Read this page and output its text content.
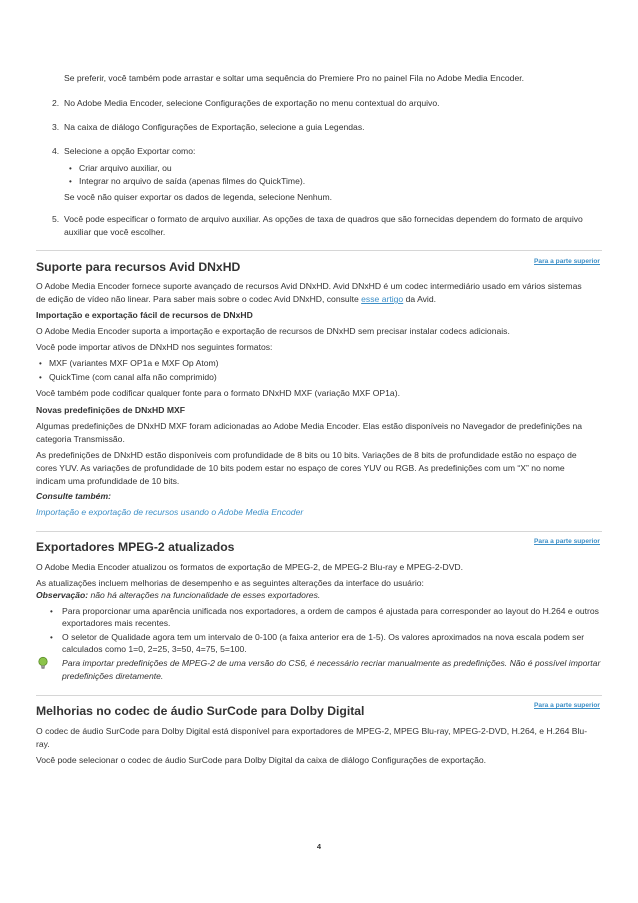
Se preferir, você também pode arrastar e soltar uma sequência do Premiere Pro no painel Fila no Adobe Media Encoder.

2. No Adobe Media Encoder, selecione Configurações de exportação no menu contextual do arquivo.

3. Na caixa de diálogo Configurações de Exportação, selecione a guia Legendas.

4. Selecione a opção Exportar como:

• Criar arquivo auxiliar, ou

• Integrar no arquivo de saída (apenas filmes do QuickTime).

Se você não quiser exportar os dados de legenda, selecione Nenhum.

5. Você pode especificar o formato de arquivo auxiliar. As opções de taxa de quadros que são fornecidas dependem do formato de arquivo

auxiliar que você escolher.

Para a parte superior
Suporte para recursos Avid DNxHD

O Adobe Media Encoder fornece suporte avançado de recursos Avid DNxHD. Avid DNxHD é um codec intermediário usado em vários sistemas

de edição de vídeo não linear. Para saber mais sobre o codec Avid DNxHD, consulte esse artigo da Avid.

Importação e exportação fácil de recursos de DNxHD

O Adobe Media Encoder suporta a importação e exportação de recursos de DNxHD sem precisar instalar codecs adicionais.

Você pode importar ativos de DNxHD nos seguintes formatos:

• MXF (variantes MXF OP1a e MXF Op Atom)

• QuickTime (com canal alfa não comprimido)

Você também pode codificar qualquer fonte para o formato DNxHD MXF (variação MXF OP1a).

Novas predefinições de DNxHD MXF

Algumas predefinições de DNxHD MXF foram adicionadas ao Adobe Media Encoder. Elas estão disponíveis no Navegador de predefinições na

categoria Transmissão.

As predefinições de DNxHD estão disponíveis com profundidade de 8 bits ou 10 bits. Variações de 8 bits de profundidade estão no espaço de

cores YUV. As variações de profundidade de 10 bits podem estar no espaço de cores YUV ou RGB. As predefinições com um “X” no nome

indicam uma profundidade de 10 bits.

Consulte também:

Importação e exportação de recursos usando o Adobe Media Encoder
Para a parte superior
Exportadores MPEG-2 atualizados

O Adobe Media Encoder atualizou os formatos de exportação de MPEG-2, de MPEG-2 Blu-ray e MPEG-2-DVD.

As atualizações incluem melhorias de desempenho e as seguintes alterações da interface do usuário:

Observação: não há alterações na funcionalidade de esses exportadores.

• Para proporcionar uma aparência unificada nos exportadores, a ordem de campos é ajustada para corresponder ao layout do H.264 e outros

exportadores mais recentes.

• O seletor de Qualidade agora tem um intervalo de 0-100 (a faixa anterior era de 1-5). Os valores aproximados na nova escala podem ser

calculados como 1=0, 2=25, 3=50, 4=75, 5=100.

Para importar predefinições de MPEG-2 de uma versão do CS6, é necessário recriar manualmente as predefinições. Não é possível importar

predefinições diretamente.

Para a parte superior
Melhorias no codec de áudio SurCode para Dolby Digital

O codec de áudio SurCode para Dolby Digital está disponível para exportadores de MPEG-2, MPEG Blu-ray, MPEG-2-DVD, H.264, e H.264 Blu-

ray.

Você pode selecionar o codec de áudio SurCode para Dolby Digital da caixa de diálogo Configurações de exportação.

4
